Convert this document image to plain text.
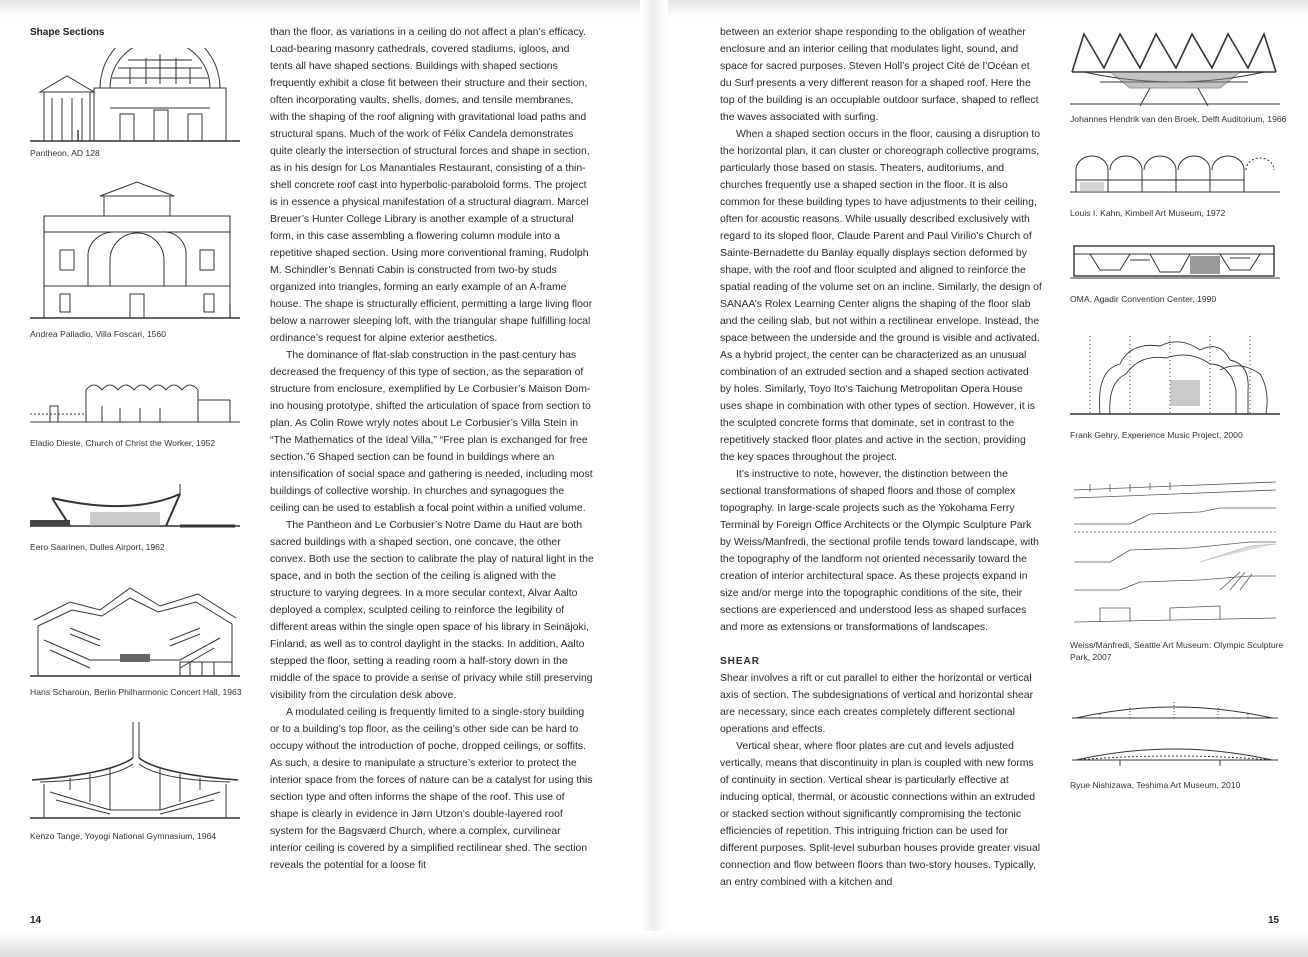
Shape Sections
Pantheon, AD 128
Andrea Palladio, Villa Foscari, 1560
Eladio Dieste, Church of Christ the Worker, 1952
Eero Saarinen, Dulles Airport, 1962
Hans Scharoun, Berlin Philharmonic Concert Hall, 1963
Kenzo Tange, Yoyogi National Gymnasium, 1964

than the floor, as variations in a ceiling do not affect a plan’s efficacy. Load-bearing masonry cathedrals, covered stadiums, igloos, and tents all have shaped sections. Buildings with shaped sections frequently exhibit a close fit between their structure and their section, often incorporating vaults, shells, domes, and tensile membranes, with the shaping of the roof aligning with gravitational load paths and structural spans. Much of the work of Félix Candela demonstrates quite clearly the intersection of structural forces and shape in section, as in his design for Los Manantiales Restaurant, consisting of a thin-shell concrete roof cast into hyperbolic-paraboloid forms. The project is in essence a physical manifestation of a structural diagram. Marcel Breuer’s Hunter College Library is another example of a structural form, in this case assembling a flowering column module into a repetitive shaped section. Using more conventional framing, Rudolph M. Schindler’s Bennati Cabin is constructed from two-by studs organized into triangles, forming an early example of an A-frame house. The shape is structurally efficient, permitting a large living floor below a narrower sleeping loft, with the triangular shape fulfilling local ordinance’s request for alpine exterior aesthetics.

The dominance of flat-slab construction in the past century has decreased the frequency of this type of section, as the separation of structure from enclosure, exemplified by Le Corbusier’s Maison Dom-ino housing prototype, shifted the articulation of space from section to plan. As Colin Rowe wryly notes about Le Corbusier’s Villa Stein in “The Mathematics of the Ideal Villa,” “Free plan is exchanged for free section.”6 Shaped section can be found in buildings where an intensification of social space and gathering is needed, including most buildings of collective worship. In churches and synagogues the ceiling can be used to establish a focal point within a unified volume.

The Pantheon and Le Corbusier’s Notre Dame du Haut are both sacred buildings with a shaped section, one concave, the other convex. Both use the section to calibrate the play of natural light in the space, and in both the section of the ceiling is aligned with the structure to varying degrees. In a more secular context, Alvar Aalto deployed a complex, sculpted ceiling to reinforce the legibility of different areas within the single open space of his library in Seinäjoki, Finland, as well as to control daylight in the stacks. In addition, Aalto stepped the floor, setting a reading room a half-story down in the middle of the space to provide a sense of privacy while still preserving visibility from the circulation desk above.

A modulated ceiling is frequently limited to a single-story building or to a building’s top floor, as the ceiling’s other side can be hard to occupy without the introduction of poche, dropped ceilings, or soffits. As such, a desire to manipulate a structure’s exterior to protect the interior space from the forces of nature can be a catalyst for using this section type and often informs the shape of the roof. This use of shape is clearly in evidence in Jørn Utzon’s double-layered roof system for the Bagsværd Church, where a complex, curvilinear interior ceiling is covered by a simplified rectilinear shed. The section reveals the potential for a loose fit

between an exterior shape responding to the obligation of weather enclosure and an interior ceiling that modulates light, sound, and space for sacred purposes. Steven Holl’s project Cité de l’Océan et du Surf presents a very different reason for a shaped roof. Here the top of the building is an occupiable outdoor surface, shaped to reflect the waves associated with surfing.

When a shaped section occurs in the floor, causing a disruption to the horizontal plan, it can cluster or choreograph collective programs, particularly those based on stasis. Theaters, auditoriums, and churches frequently use a shaped section in the floor. It is also common for these building types to have adjustments to their ceiling, often for acoustic reasons. While usually described exclusively with regard to its sloped floor, Claude Parent and Paul Virilio’s Church of Sainte-Bernadette du Banlay equally displays section deformed by shape, with the roof and floor sculpted and aligned to reinforce the spatial reading of the volume set on an incline. Similarly, the design of SANAA’s Rolex Learning Center aligns the shaping of the floor slab and the ceiling slab, but not within a rectilinear envelope. Instead, the space between the underside and the ground is visible and activated. As a hybrid project, the center can be characterized as an unusual combination of an extruded section and a shaped section activated by holes. Similarly, Toyo Ito’s Taichung Metropolitan Opera House uses shape in combination with other types of section. However, it is the sculpted concrete forms that dominate, set in contrast to the repetitively stacked floor plates and active in the section, providing the key spaces throughout the project.

It’s instructive to note, however, the distinction between the sectional transformations of shaped floors and those of complex topography. In large-scale projects such as the Yokohama Ferry Terminal by Foreign Office Architects or the Olympic Sculpture Park by Weiss/Manfredi, the sectional profile tends toward landscape, with the topography of the landform not oriented necessarily toward the creation of interior architectural space. As these projects expand in size and/or merge into the topographic conditions of the site, their sections are experienced and understood less as shaped surfaces and more as extensions or transformations of landscapes.

SHEAR

Shear involves a rift or cut parallel to either the horizontal or vertical axis of section. The subdesignations of vertical and horizontal shear are necessary, since each creates completely different sectional operations and effects.

Vertical shear, where floor plates are cut and levels adjusted vertically, means that discontinuity in plan is coupled with new forms of continuity in section. Vertical shear is particularly effective at inducing optical, thermal, or acoustic connections within an extruded or stacked section without significantly compromising the tectonic efficiencies of repetition. This intriguing friction can be used for different purposes. Split-level suburban houses provide greater visual connection and flow between floors than two-story houses. Typically, an entry combined with a kitchen and

Johannes Hendrik van den Broek, Delft Auditorium, 1966
Louis I. Kahn, Kimbell Art Museum, 1972
OMA, Agadir Convention Center, 1990
Frank Gehry, Experience Music Project, 2000
Weiss/Manfredi, Seattle Art Museum: Olympic Sculpture Park, 2007
Ryue Nishizawa, Teshima Art Museum, 2010
14	15
